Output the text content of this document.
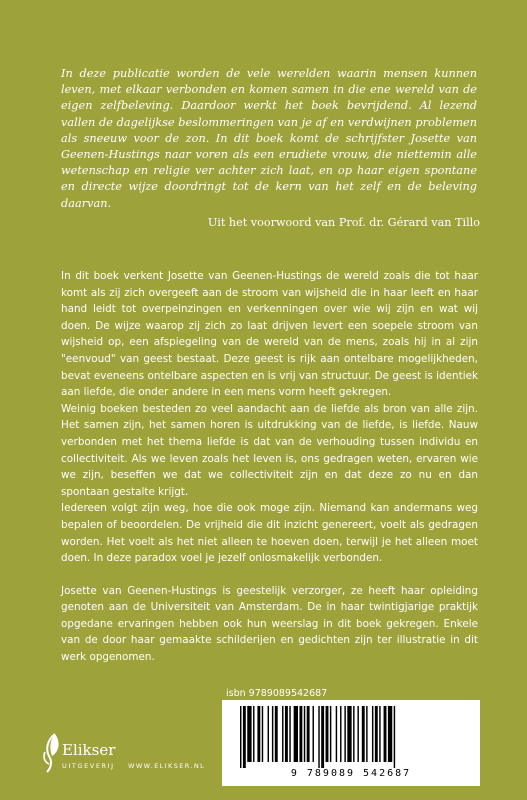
In deze publicatie worden de vele werelden waarin mensen kunnen leven, met elkaar verbonden en komen samen in die ene wereld van de eigen zelfbeleving. Daardoor werkt het boek bevrijdend. Al lezend vallen de dagelijkse beslommeringen van je af en verdwijnen problemen als sneeuw voor de zon. In dit boek komt de schrijfster Josette van Geenen-Hustings naar voren als een erudiete vrouw, die niettemin alle wetenschap en religie ver achter zich laat, en op haar eigen spontane en directe wijze doordringt tot de kern van het zelf en de beleving daarvan.

Uit het voorwoord van Prof. dr. Gérard van Tillo

In dit boek verkent Josette van Geenen-Hustings de wereld zoals die tot haar komt als zij zich overgeeft aan de stroom van wijsheid die in haar leeft en haar hand leidt tot overpeinzingen en verkenningen over wie wij zijn en wat wij doen. De wijze waarop zij zich zo laat drijven levert een soepele stroom van wijsheid op, een afspiegeling van de wereld van de mens, zoals hij in al zijn "eenvoud" van geest bestaat. Deze geest is rijk aan ontelbare mogelijkheden, bevat eveneens ontelbare aspecten en is vrij van structuur. De geest is identiek aan liefde, die onder andere in een mens vorm heeft gekregen.

Weinig boeken besteden zo veel aandacht aan de liefde als bron van alle zijn. Het samen zijn, het samen horen is uitdrukking van de liefde, is liefde. Nauw verbonden met het thema liefde is dat van de verhouding tussen individu en collectiviteit. Als we leven zoals het leven is, ons gedragen weten, ervaren wie we zijn, beseffen we dat we collectiviteit zijn en dat deze zo nu en dan spontaan gestalte krijgt.

Iedereen volgt zijn weg, hoe die ook moge zijn. Niemand kan andermans weg bepalen of beoordelen. De vrijheid die dit inzicht genereert, voelt als gedragen worden. Het voelt als het niet alleen te hoeven doen, terwijl je het alleen moet doen. In deze paradox voel je jezelf onlosmakelijk verbonden.

Josette van Geenen-Hustings is geestelijk verzorger, ze heeft haar opleiding genoten aan de Universiteit van Amsterdam. De in haar twintigjarige praktijk opgedane ervaringen hebben ook hun weerslag in dit boek gekregen. Enkele van de door haar gemaakte schilderijen en gedichten zijn ter illustratie in dit werk opgenomen.

isbn 9789089542687
9 789089 542687
Elikser
UITGEVERIJ WWW.ELIKSER.NL
